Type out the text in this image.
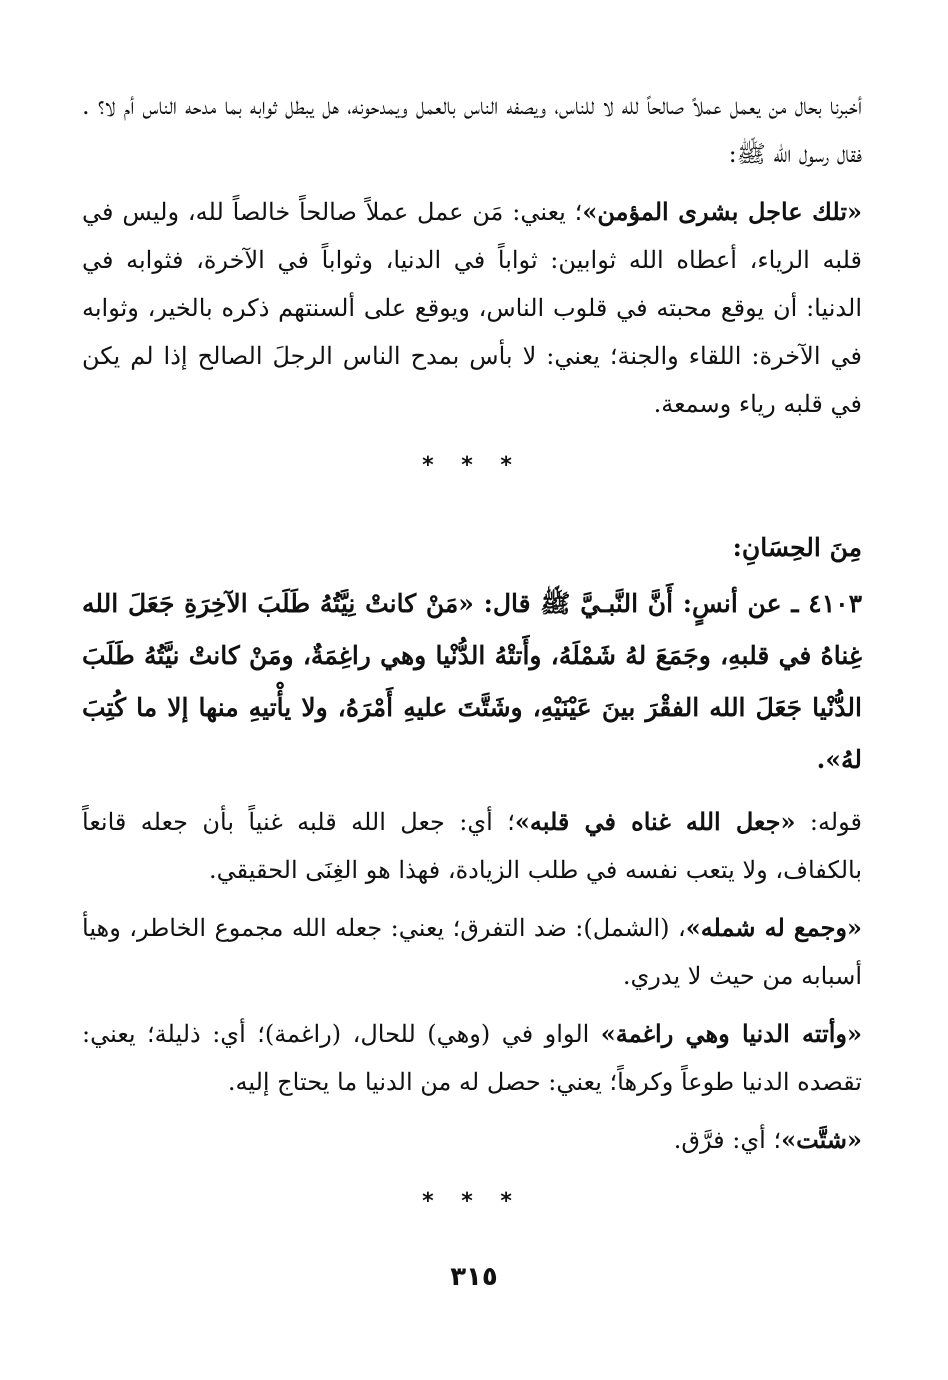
أخبرنا بحال من يعمل عملاً صالحاً لله لا للناس، ويصفه الناس بالعمل ويمدحونه، هل يبطل ثوابه بما مدحه الناس أم لا؟ . فقال رسول الله ﷺ:

«تلك عاجل بشرى المؤمن»؛ يعني: مَن عمل عملاً صالحاً خالصاً لله، وليس في قلبه الرياء، أعطاه الله ثوابين: ثواباً في الدنيا، وثواباً في الآخرة، فثوابه في الدنيا: أن يوقع محبته في قلوب الناس، ويوقع على ألسنتهم ذكره بالخير، وثوابه في الآخرة: اللقاء والجنة؛ يعني: لا بأس بمدح الناس الرجلَ الصالح إذا لم يكن في قلبه رياء وسمعة.

* * *
مِنَ الحِسَانِ:

٤١٠٣ ـ عن أنسٍ: أَنَّ النَّبـيَّ ﷺ قال: «مَنْ كانتْ نِيَّتُهُ طَلَبَ الآخِرَةِ جَعَلَ الله غِناهُ في قلبهِ، وجَمَعَ لهُ شَمْلَهُ، وأَتتْهُ الدُّنْيا وهي راغِمَةٌ، ومَنْ كانتْ نيَّتُهُ طَلَبَ الدُّنْيا جَعَلَ الله الفقْرَ بينَ عَيْنَيْهِ، وشَتَّتَ عليهِ أَمْرَهُ، ولا يأْتيهِ منها إلا ما كُتِبَ لهُ».

قوله: «جعل الله غناه في قلبه»؛ أي: جعل الله قلبه غنياً بأن جعله قانعاً بالكفاف، ولا يتعب نفسه في طلب الزيادة، فهذا هو الغِنَى الحقيقي.

«وجمع له شمله»، (الشمل): ضد التفرق؛ يعني: جعله الله مجموع الخاطر، وهيأ أسبابه من حيث لا يدري.

«وأتته الدنيا وهي راغمة» الواو في (وهي) للحال، (راغمة)؛ أي: ذليلة؛ يعني: تقصده الدنيا طوعاً وكرهاً؛ يعني: حصل له من الدنيا ما يحتاج إليه.

«شتَّت»؛ أي: فرَّق.

* * *
٣١٥
